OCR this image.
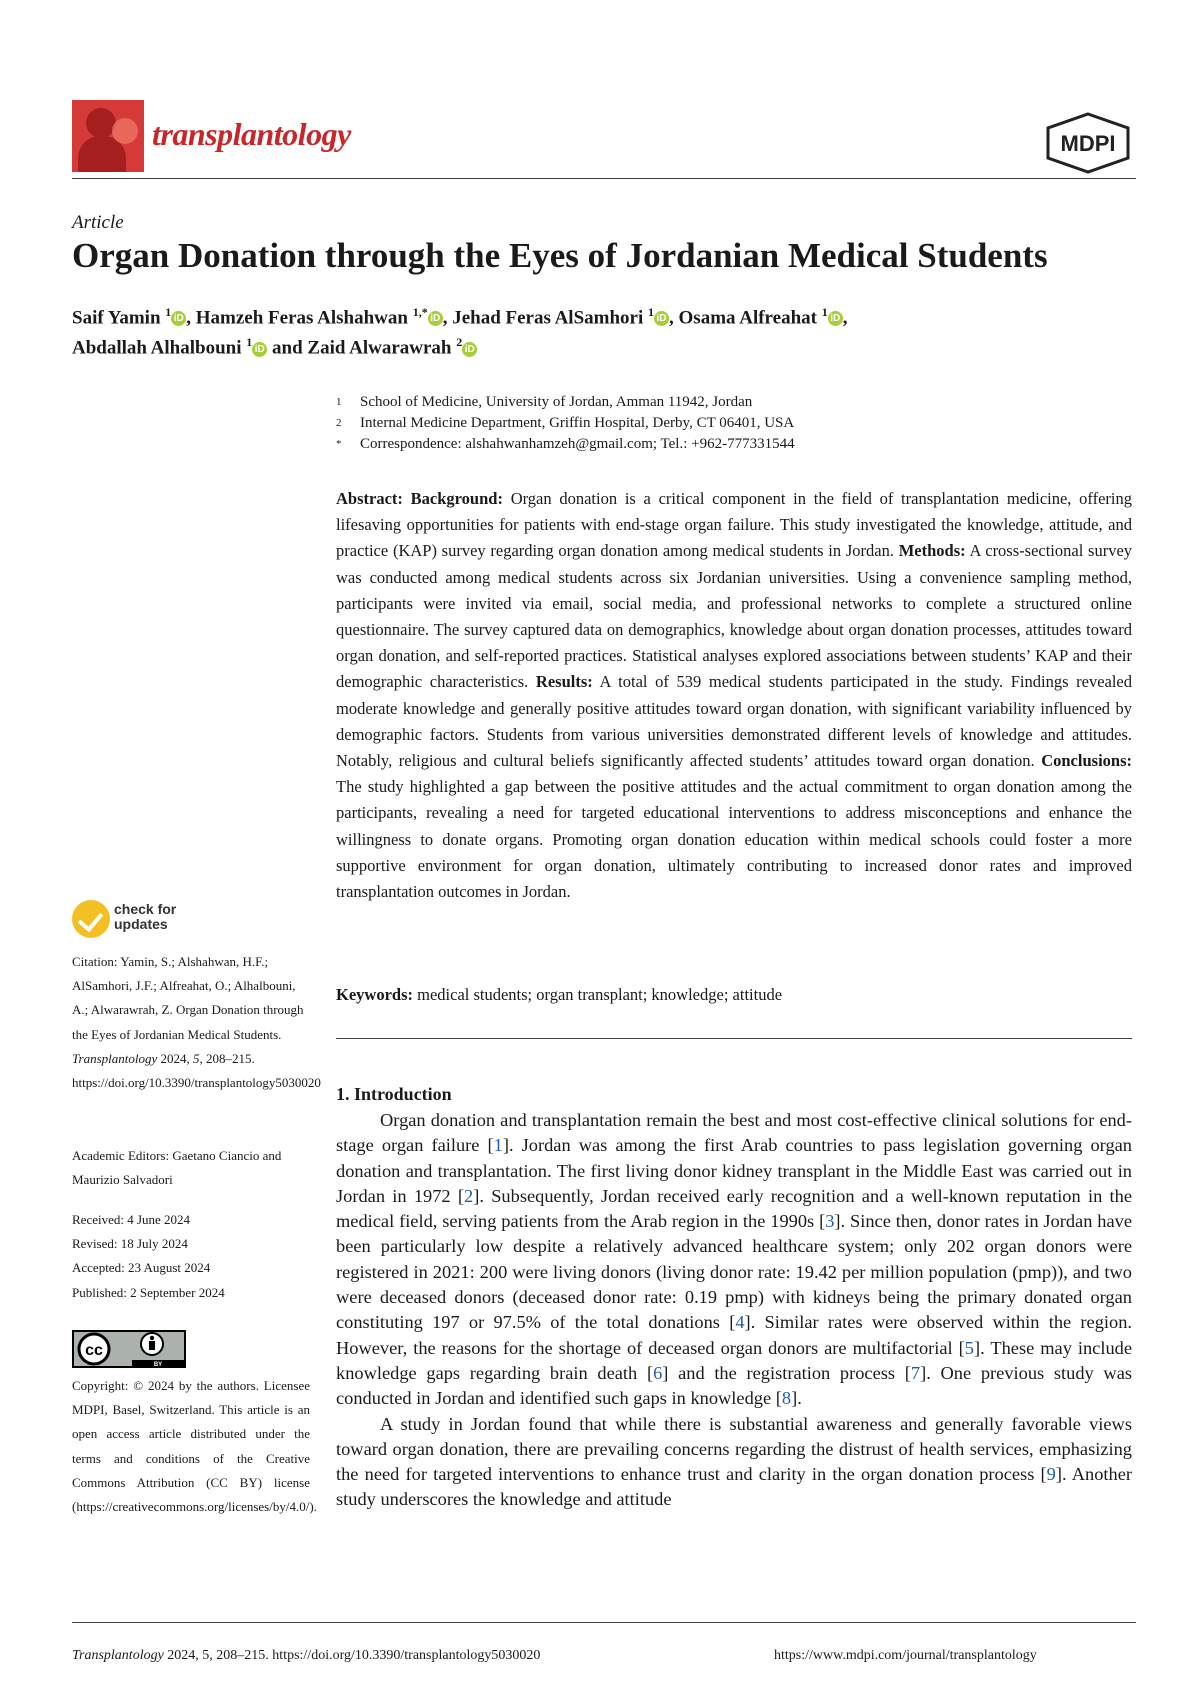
transplantology	MDPI
Article
Organ Donation through the Eyes of Jordanian Medical Students
Saif Yamin $^1$ iD , Hamzeh Feras Alshahwan $^{1,*}$ iD , Jehad Feras AlSamhori $^1$ iD , Osama Alfreahat $^1$ iD ,
Abdallah Alhalbouni $^1$ iD and Zaid Alwarawrah $^2$ iD
1	School of Medicine, University of Jordan, Amman 11942, Jordan
2	Internal Medicine Department, Griffin Hospital, Derby, CT 06401, USA
*	Correspondence: alshahwanhamzeh@gmail.com; Tel.: +962-777331544
Abstract: Background: Organ donation is a critical component in the field of transplantation medicine, offering lifesaving opportunities for patients with end-stage organ failure. This study investigated the knowledge, attitude, and practice (KAP) survey regarding organ donation among medical students in Jordan. Methods: A cross-sectional survey was conducted among medical students across six Jordanian universities. Using a convenience sampling method, participants were invited via email, social media, and professional networks to complete a structured online questionnaire. The survey captured data on demographics, knowledge about organ donation processes, attitudes toward organ donation, and self-reported practices. Statistical analyses explored associations between students’ KAP and their demographic characteristics. Results: A total of 539 medical students participated in the study. Findings revealed moderate knowledge and generally positive attitudes toward organ donation, with significant variability influenced by demographic factors. Students from various universities demonstrated different levels of knowledge and attitudes. Notably, religious and cultural beliefs significantly affected students’ attitudes toward organ donation. Conclusions: The study highlighted a gap between the positive attitudes and the actual commitment to organ donation among the participants, revealing a need for targeted educational interventions to address misconceptions and enhance the willingness to donate organs. Promoting organ donation education within medical schools could foster a more supportive environment for organ donation, ultimately contributing to increased donor rates and improved transplantation outcomes in Jordan.
Keywords: medical students; organ transplant; knowledge; attitude
1. Introduction

Organ donation and transplantation remain the best and most cost-effective clinical solutions for end-stage organ failure [1]. Jordan was among the first Arab countries to pass legislation governing organ donation and transplantation. The first living donor kidney transplant in the Middle East was carried out in Jordan in 1972 [2]. Subsequently, Jordan received early recognition and a well-known reputation in the medical field, serving patients from the Arab region in the 1990s [3]. Since then, donor rates in Jordan have been particularly low despite a relatively advanced healthcare system; only 202 organ donors were registered in 2021: 200 were living donors (living donor rate: 19.42 per million population (pmp)), and two were deceased donors (deceased donor rate: 0.19 pmp) with kidneys being the primary donated organ constituting 197 or 97.5% of the total donations [4]. Similar rates were observed within the region. However, the reasons for the shortage of deceased organ donors are multifactorial [5]. These may include knowledge gaps regarding brain death [6] and the registration process [7]. One previous study was conducted in Jordan and identified such gaps in knowledge [8].

A study in Jordan found that while there is substantial awareness and generally favorable views toward organ donation, there are prevailing concerns regarding the distrust of health services, emphasizing the need for targeted interventions to enhance trust and clarity in the organ donation process [9]. Another study underscores the knowledge and attitude

check for
updates
Citation: Yamin, S.; Alshahwan, H.F.; AlSamhori, J.F.; Alfreahat, O.; Alhalbouni, A.; Alwarawrah, Z. Organ Donation through the Eyes of Jordanian Medical Students. Transplantology 2024, 5, 208–215. https://doi.org/10.3390/transplantology5030020
Academic Editors: Gaetano Ciancio and Maurizio Salvadori
Received: 4 June 2024
Revised: 18 July 2024
Accepted: 23 August 2024
Published: 2 September 2024
cc
BY
Copyright: © 2024 by the authors. Licensee MDPI, Basel, Switzerland. This article is an open access article distributed under the terms and conditions of the Creative Commons Attribution (CC BY) license (https://creativecommons.org/licenses/by/4.0/).
Transplantology 2024, 5, 208–215. https://doi.org/10.3390/transplantology5030020	https://www.mdpi.com/journal/transplantology
